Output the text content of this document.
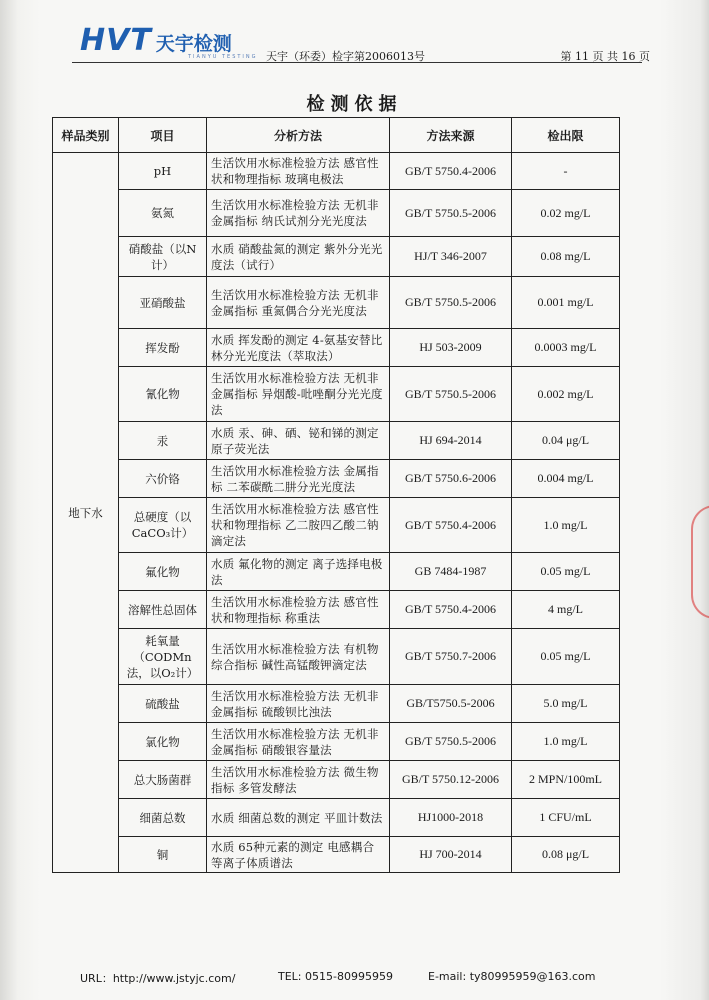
HVT 天宇检测
TIANYU TESTING 天宇（环委）检字第2006013号	第 11 页 共 16 页
检测依据
样品类别	项目	分析方法	方法来源	检出限
地下水	pH	生活饮用水标准检验方法 感官性状和物理指标 玻璃电极法	GB/T 5750.4-2006	-
	氨氮	生活饮用水标准检验方法 无机非金属指标 纳氏试剂分光光度法	GB/T 5750.5-2006	0.02 mg/L
	硝酸盐（以N计）	水质 硝酸盐氮的测定 紫外分光光度法（试行）	HJ/T 346-2007	0.08 mg/L
	亚硝酸盐	生活饮用水标准检验方法 无机非金属指标 重氮偶合分光光度法	GB/T 5750.5-2006	0.001 mg/L
	挥发酚	水质 挥发酚的测定 4-氨基安替比林分光光度法（萃取法）	HJ 503-2009	0.0003 mg/L
	氰化物	生活饮用水标准检验方法 无机非金属指标 异烟酸-吡唑酮分光光度法	GB/T 5750.5-2006	0.002 mg/L
	汞	水质 汞、砷、硒、铋和锑的测定 原子荧光法	HJ 694-2014	0.04 μg/L
	六价铬	生活饮用水标准检验方法 金属指标 二苯碳酰二肼分光光度法	GB/T 5750.6-2006	0.004 mg/L
	总硬度（以CaCO₃计）	生活饮用水标准检验方法 感官性状和物理指标 乙二胺四乙酸二钠滴定法	GB/T 5750.4-2006	1.0 mg/L
	氟化物	水质 氟化物的测定 离子选择电极法	GB 7484-1987	0.05 mg/L
	溶解性总固体	生活饮用水标准检验方法 感官性状和物理指标 称重法	GB/T 5750.4-2006	4 mg/L
	耗氧量（CODMn法，以O₂计）	生活饮用水标准检验方法 有机物综合指标 碱性高锰酸钾滴定法	GB/T 5750.7-2006	0.05 mg/L
	硫酸盐	生活饮用水标准检验方法 无机非金属指标 硫酸钡比浊法	GB/T5750.5-2006	5.0 mg/L
	氯化物	生活饮用水标准检验方法 无机非金属指标 硝酸银容量法	GB/T 5750.5-2006	1.0 mg/L
	总大肠菌群	生活饮用水标准检验方法 微生物指标 多管发酵法	GB/T 5750.12-2006	2 MPN/100mL
	细菌总数	水质 细菌总数的测定 平皿计数法	HJ1000-2018	1 CFU/mL
	铜	水质 65种元素的测定 电感耦合等离子体质谱法	HJ 700-2014	0.08 μg/L
URL：http://www.jstyjc.com/	TEL: 0515-80995959	E-mail: ty80995959@163.com
